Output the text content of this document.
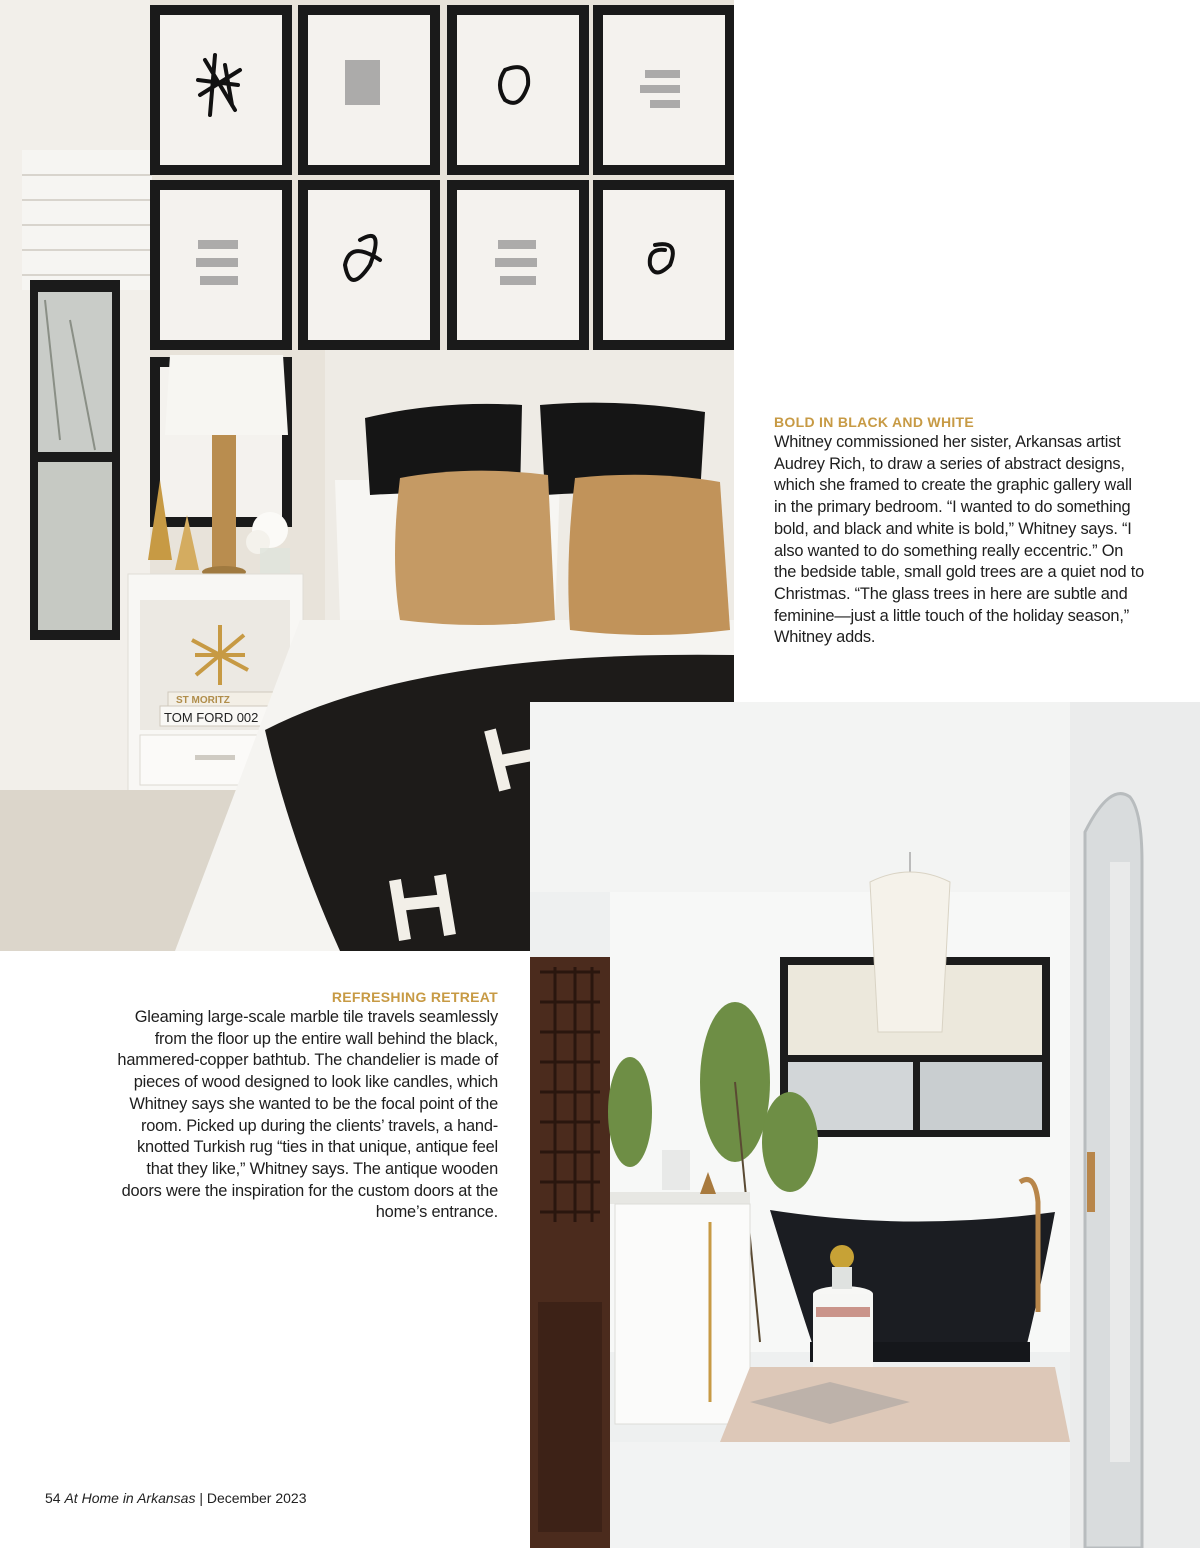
ST MORITZ
TOM FORD 002
BOLD IN BLACK AND WHITE

Whitney commissioned her sister, Arkansas artist Audrey Rich, to draw a series of abstract designs, which she framed to create the graphic gallery wall in the primary bedroom. “I wanted to do something bold, and black and white is bold,” Whitney says. “I also wanted to do something really eccentric.” On the bedside table, small gold trees are a quiet nod to Christmas. “The glass trees in here are subtle and feminine—just a little touch of the holiday season,” Whitney adds.

REFRESHING RETREAT

Gleaming large-scale marble tile travels seamlessly from the floor up the entire wall behind the black, hammered-copper bathtub. The chandelier is made of pieces of wood designed to look like candles, which Whitney says she wanted to be the focal point of the room. Picked up during the clients’ travels, a hand-knotted Turkish rug “ties in that unique, antique feel that they like,” Whitney says. The antique wooden doors were the inspiration for the custom doors at the home’s entrance.

54 At Home in Arkansas | December 2023
